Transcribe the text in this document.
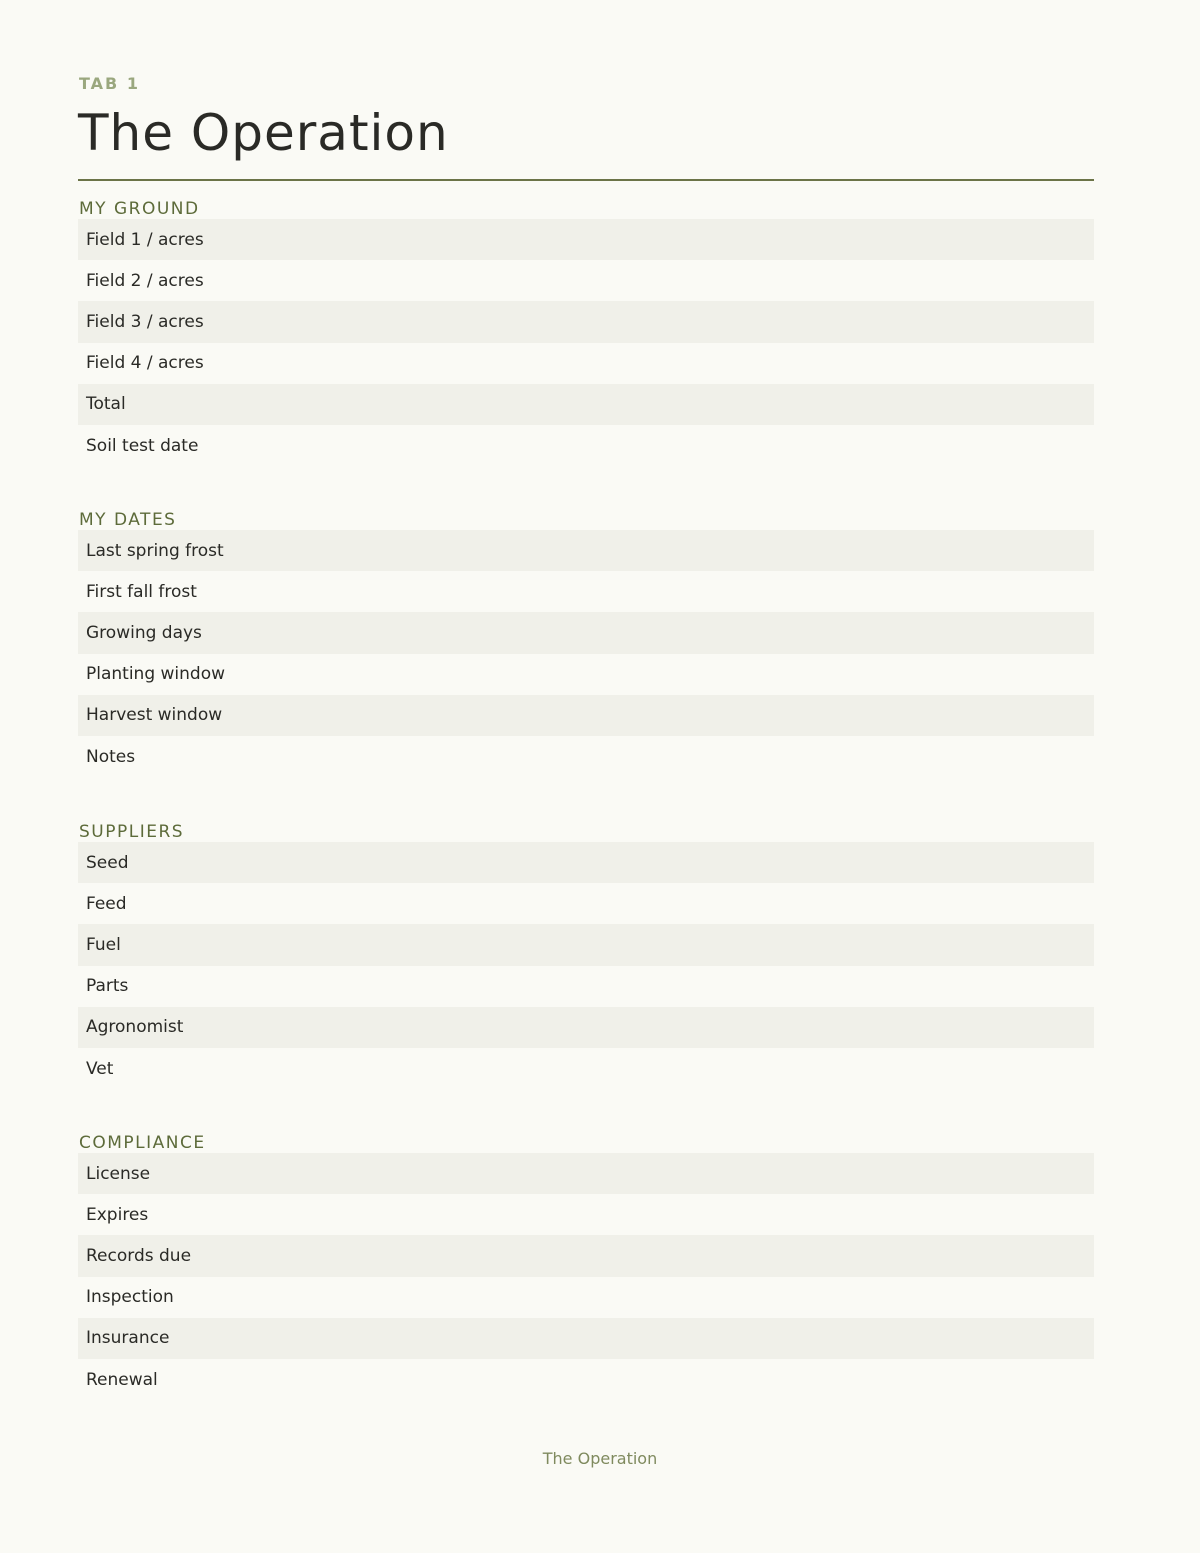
TAB 1
The Operation
MY GROUND
Field 1 / acres
Field 2 / acres
Field 3 / acres
Field 4 / acres
Total
Soil test date
MY DATES
Last spring frost
First fall frost
Growing days
Planting window
Harvest window
Notes
SUPPLIERS
Seed
Feed
Fuel
Parts
Agronomist
Vet
COMPLIANCE
License
Expires
Records due
Inspection
Insurance
Renewal
The Operation
